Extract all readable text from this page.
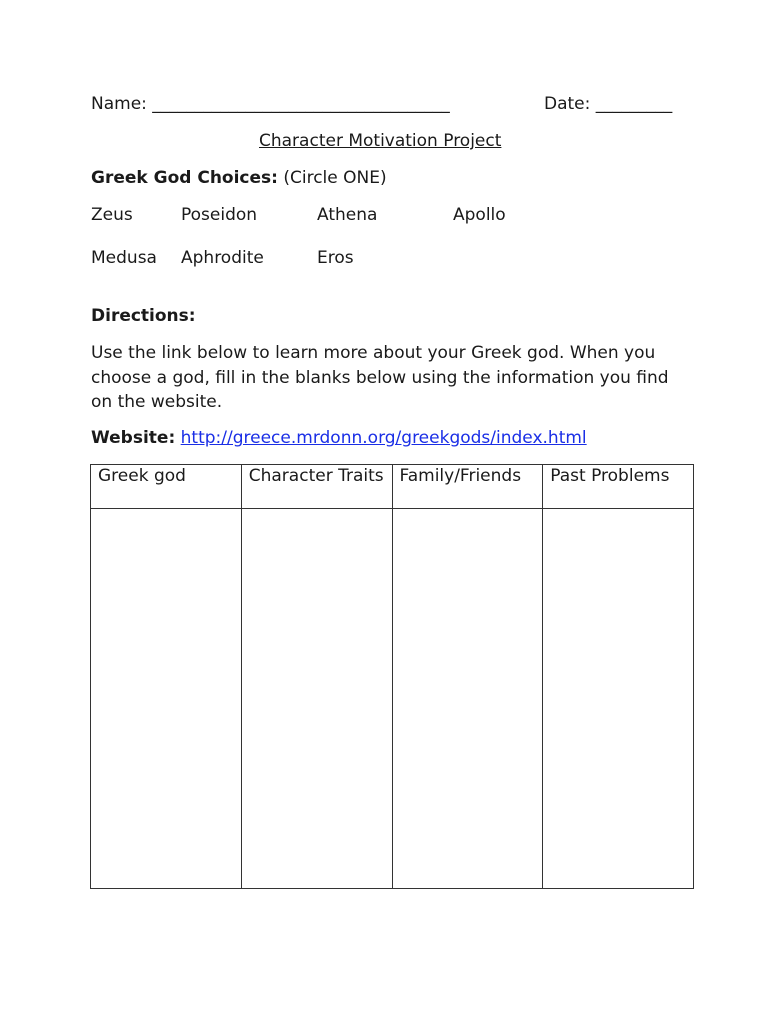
Name: ___________________________________	Date: _________
Character Motivation Project
Greek God Choices: (Circle ONE)
Zeus	Poseidon	Athena	Apollo
Medusa Aphrodite	Eros
Directions:
Use the link below to learn more about your Greek god. When you choose a god, fill in the blanks below using the information you find on the website.
Website: http://greece.mrdonn.org/greekgods/index.html
Greek god	Character Traits	Family/Friends	Past Problems
